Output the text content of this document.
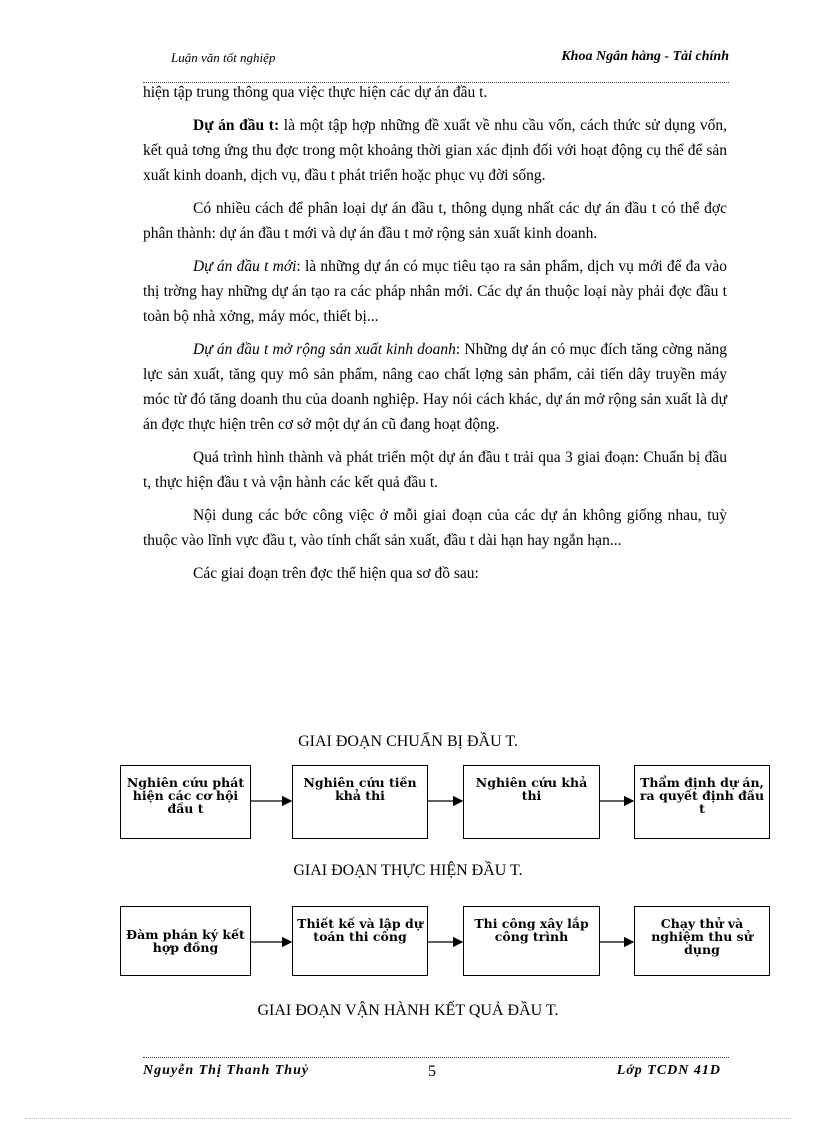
Luận văn tốt nghiệp	Khoa Ngân hàng - Tài chính

hiện tập trung thông qua việc thực hiện các dự án đầu t.

Dự án đầu t: là một tập hợp những đề xuất về nhu cầu vốn, cách thức sử dụng vốn, kết quả tơng ứng thu đợc trong một khoảng thời gian xác định đối với hoạt động cụ thể để sản xuất kinh doanh, dịch vụ, đầu t phát triển hoặc phục vụ đời sống.

Có nhiều cách để phân loại dự án đầu t, thông dụng nhất các dự án đầu t có thể đợc phân thành: dự án đầu t mới và dự án đầu t mở rộng sản xuất kinh doanh.

Dự án đầu t mới: là những dự án có mục tiêu tạo ra sản phẩm, dịch vụ mới để đa vào thị trờng hay những dự án tạo ra các pháp nhân mới. Các dự án thuộc loại này phải đợc đầu t toàn bộ nhà xởng, máy móc, thiết bị...

Dự án đầu t mở rộng sản xuất kinh doanh: Những dự án có mục đích tăng cờng năng lực sản xuất, tăng quy mô sản phẩm, nâng cao chất lợng sản phẩm, cải tiến dây truyền máy móc từ đó tăng doanh thu của doanh nghiệp. Hay nói cách khác, dự án mở rộng sản xuất là dự án đợc thực hiện trên cơ sở một dự án cũ đang hoạt động.

Quá trình hình thành và phát triển một dự án đầu t trải qua 3 giai đoạn: Chuẩn bị đầu t, thực hiện đầu t và vận hành các kết quả đầu t.

Nội dung các bớc công việc ở mỗi giai đoạn của các dự án không giống nhau, tuỳ thuộc vào lĩnh vực đầu t, vào tính chất sản xuất, đầu t dài hạn hay ngắn hạn...

Các giai đoạn trên đợc thể hiện qua sơ đồ sau:

GIAI ĐOẠN CHUẨN BỊ ĐẦU T.
Nghiên cứu phát hiện các cơ hội đầu t
Nghiên cứu tiền khả thi
Nghiên cứu khả thi
Thẩm định dự án, ra quyết định đầu t
GIAI ĐOẠN THỰC HIỆN ĐẦU T.
Đàm phán ký kết hợp đồng
Thiết kế và lập dự toán thi công
Thi công xây lắp công trình
Chạy thử và nghiệm thu sử dụng
GIAI ĐOẠN VẬN HÀNH KẾT QUẢ ĐẦU T.
Nguyễn Thị Thanh Thuỷ	5	Lớp TCDN 41D
